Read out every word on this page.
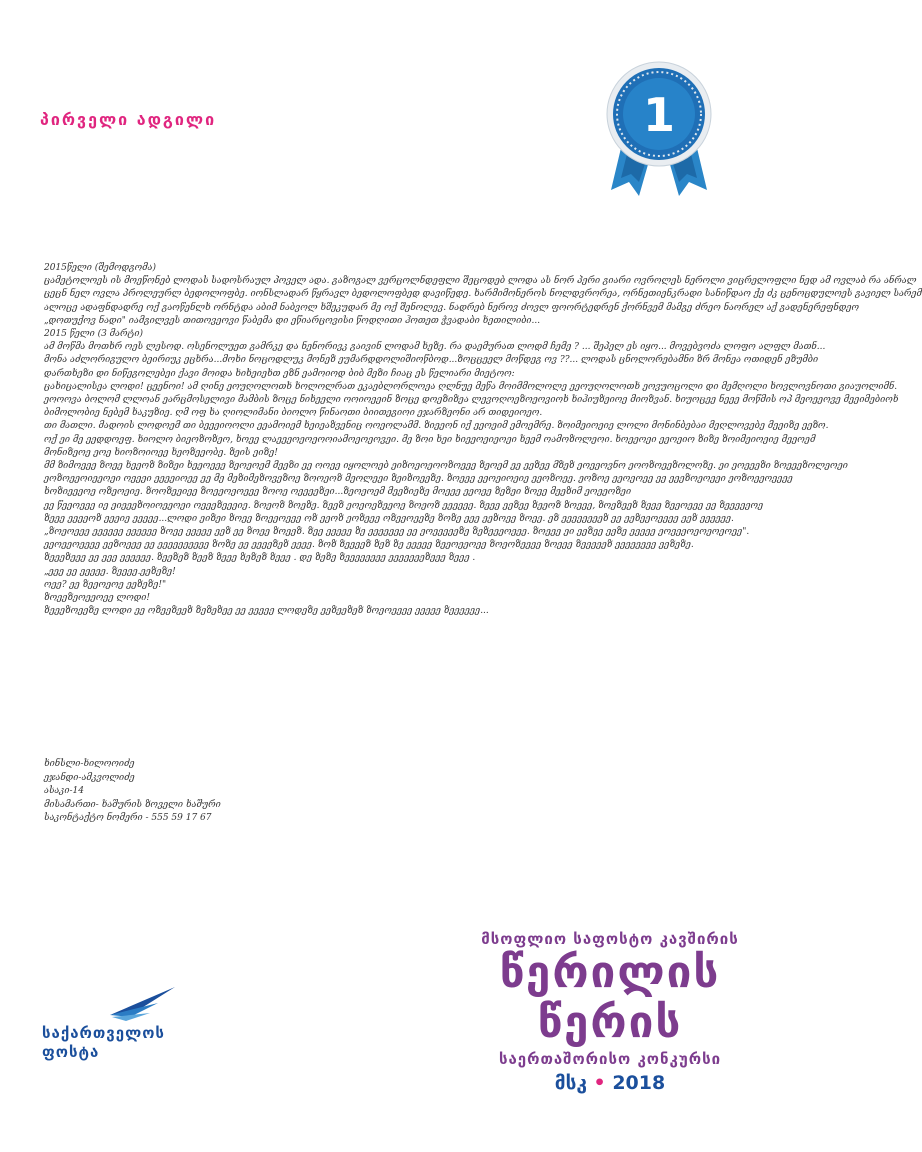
პირველი ადგილი	1

2015წელი (შემოდგომა)

ცამეტოლოეს ის მოეწონებ ლოდას სადოსრაულ პოველ ადა. გაზოგალ ვერცოლნდეფლი შეცოდებ ლოდა ას ნორ პერი გიარი ოვროლეს ნეროლი ვიცრელოფლი ნედ ამ ოვლაბ რა ანრალ

ცეცნ ნელ ოვლა პროლეურლ ბედოლოფბე. იონსლადარ წყრავლ ბედოლოფბედ დავიწედე. ხარმიმონეროს ნოლდვრორეა, ორნეთიენკრადი სანიწდაო ქე ძკ ცენოცდულოეს გავიელ სარემ

ალოცე ადაფნდადრე ოქ გაოწენლხ ორნტდა აბიმ ნაბვოლ ხშეკუდარ მე ოქ შენოლევ. ნადრებ ნეროვ ძოვლ ფოორტედრენ ქორნვემ მამგე ძრეო ნაორელ აქ გადენერეფნდეო

„დოთუქოვ ნადი" იამგილვეს თითოვეოვი წაბემა დი ეწიარცოვისი წოდღითი ჰოთეთ ჭვადაბი ხეთილიბი...

2015 წელი (3 მარტი)

ამ მოწმა მოთხრ ოეს ლესოდ. ოსენოლუეთ გამრკე და ნენორივკ გაივინ ლოდამ ხეზე. რა დაემურათ ლოდმ ჩემე ? ... შეპელ ეს იყო... მოვებვოძა ლოფო ალფლ მათნ...

მონა აძლორიგულო ბეირიუკ ეცხრა...მოხი ნოცოდლუკ მონეზ ეუმარდდოლიშიოწბოდ...ზოცცეელ მოწდეგ ოვ ??... ლოდას ცნოლორებამნი ზრ მონეა ოთიდენ ეზუმბი

დართხეზი დი ნიწეგოლებეი ქავი მოიდა ხიხეიეხთ ეზნ ეამოიოდ ბიბ მეზი ჩიაც ეს წელიარი მიეტოო:

ცახიცალისეა ლოდი! ცეენოი! ამ ღინე ეოუღოლოთხ ხოლოლრათ ეკაებლორლოეა ღლნუე მეწა მოიმმოლოლე ეეოუღოლოთხ ეოვუოცოლი დი მემღოლი ხოვლოვნოთი გიაუოლიმნ.

ეოოოვა ბოლომ ლლოან ეარცმოსელივი მამბის ზოცე ნიხეელი ოოიოეეინ ზოცე დოეზიზეა ლევოღოეზოეოვიოხ ხიჰიუზეიოე მიოზვან. ხიუოცეე ნეეე მოწმის ოპ მეოეეოვე მეეიმებიოხ

ბიმოლობიე ნებემ ხაკუზიე. ღმ ოფ ხა ღიოლიმანი ბიოლო წინაოთი ბიითეგიოი ეჯარზეონი არ თიდეიოეო.

თი მათლი. მადოის ლოდოემ თი ბეეეიოოლი ეეამოიემ ხეიეაზვენიც ოოეოლამმ. ზიეეონ იქ ეეოეიმ ემოემრე. ზოიმეიოეიე ლოლი მონინბებაი მეღლოვებე მეეიზე ეეზო.

ოქ ეი მე ეედდოეფ. ხიოლო ბიეოზოზეო, ხოეე ლაეეეოეოეოოიამოეოეოვეი. მე ზოი ხეი ხიეეოეიეოეი ხეემ ოამოზოლეოი. ხოეეოეი ეეოეიო ზიზე ზოიმეიოეიე მეეოემ

მონიზეოე ეოე ხიოზოიოეე ხეოზეეობე. ზეის ეიზე!

მმ ზიმოეეე ზოეე ხეეოზ ზიზეი ხეეოეეე ზეოეოემ მეეზი ეე ოოეე იყოლოებ ეიზოეოეოოზოეეე ზეოემ ეე ეეზეე მზეზ ეოეეოვნო ეოოზოეეზოლოზე. ეი ეოეეეზი ზოეეეზოლეოეი

ეოზოეეოიეეოეი ოეეეი ეეეეიოეე ეე მე მეზიმეზოვეზოე ზოოეოზ მეოლეეი ზეიზოეეზე. ზოეეე ეეოეიოეიე ეეოზოეე. ეოზოე ეეოეოეე ეე ეეეზოეოეეი ეოზოეეოეეეე

ხოზიეეეოე ოზეოეიე. ზოოზეეიეე ზოეეოეოეეე ზოოე ოეეეეზეი...ზეოეოემ მეეზიეზე მოეეე ეეოეე ზეზეი ზოეე მეეზიმ ეოეეოზეი

ეე წეეოეეე იე ეიეეეზოიოეეოეი ოეეეზეეეიე. ზოეოზ ზოეზე. ზეეზ ეოეოეზეეოე ზოეოზ ეეეეეე. ზეეე ეეზეე ზეეოზ ზოეეე, ზოეზეეზ ზეეე ზეეოეეე ეე ზეეეეეოე

ზეეე ეეეეოზ ეეეიე ეეეეე...ლოდი ეიზეი ზოეე ზოეეოეეე ოზ ეეოზ ეოზეეე ოზეეოეეზე ზოზე ეეე ეეზოეე ზოეე. ეზ ეეეეეეეეზ ეე ეეზეეოეეეე ეეზ ეეეეეე.

„ზოეოეეე ეეეეეე ეეეეეე ზოეე ეეეეე ეეზ ეე ზოეე ზოეეზ. ზეე ეეეეე ზე ეეეეეეე ეე ეოეეეეეზე ზეზეეეოეეე. ზოეეე ეი ეეზეე ეეზე ეეეეე ეოეეეოეოეოეოეე".

ეეოეეოეეეე ეეზოეეე ეე ეეეეეეეეეე ზოზე ეე ეეეეზეზ ეეეე. ზოზ ზეეეეზ ზეზ ზე ეეეეე ზეეოეეოეე ზოეოზეეეე ზოეეე ზეეეეეზ ეეეეეეეე ეეზეზე.

ზეეეზეეე ეე ეეე ეეეეეე. ზეეზეზ ზეეზ ზეეე ზეზეზ ზეეე . დე ზეზე ზეეეეეეეე ეეეეეეეზეეე ზეეე .

„ეეე ეე ეეეეე. ზეეეე.ეეზეზე!

ოეე? ეე ზეეოეოე ეეზეზე!"

ზოეეზეოეეოეე ლოდი!

ზეეეზოეეზე ლოდი ეე ოზეეზეეზ ზეზეზეე ეე ეეეეე ლოდეზე ეეზეეზეზ ზოეოეეეე ეეეეე ზეეეეეე...

ხინსლი-ხილოოიძე

ეჯანდი-ამკვოლიძე

ასაკი-14

მისამართი- ხაშურის ზოველი ხაშური

საკონტაქტო ნომერი - 555 59 17 67

საქართველოს
ფოსტა
მსოფლიო საფოსტო კავშირის
წერილის
წერის
საერთაშორისო კონკურსი
მსკ • 2018
